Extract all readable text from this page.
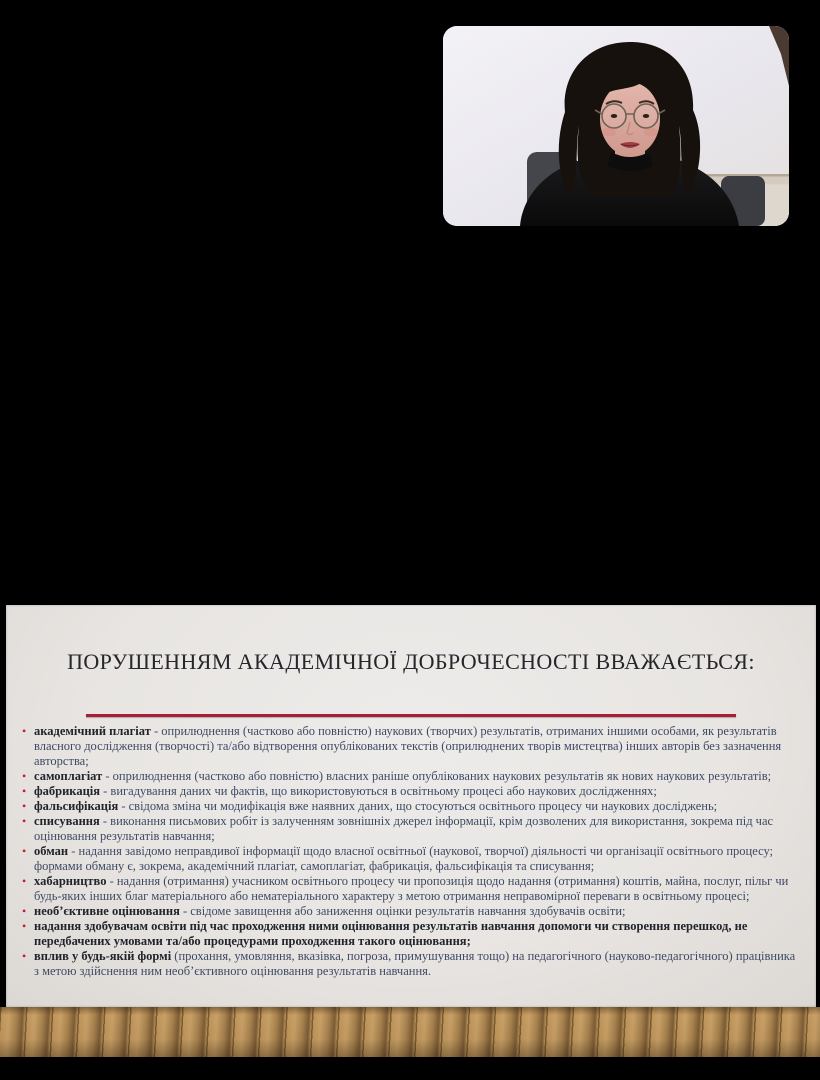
ПОРУШЕННЯМ АКАДЕМІЧНОЇ ДОБРОЧЕСНОСТІ ВВАЖАЄТЬСЯ:
• академічний плагіат - оприлюднення (частково або повністю) наукових (творчих) результатів, отриманих іншими особами, як результатів власного дослідження (творчості) та/або відтворення опублікованих текстів (оприлюднених творів мистецтва) інших авторів без зазначення авторства;
• самоплагіат - оприлюднення (частково або повністю) власних раніше опублікованих наукових результатів як нових наукових результатів;
• фабрикація - вигадування даних чи фактів, що використовуються в освітньому процесі або наукових дослідженнях;
• фальсифікація - свідома зміна чи модифікація вже наявних даних, що стосуються освітнього процесу чи наукових досліджень;
• списування - виконання письмових робіт із залученням зовнішніх джерел інформації, крім дозволених для використання, зокрема під час оцінювання результатів навчання;
• обман - надання завідомо неправдивої інформації щодо власної освітньої (наукової, творчої) діяльності чи організації освітнього процесу; формами обману є, зокрема, академічний плагіат, самоплагіат, фабрикація, фальсифікація та списування;
• хабарництво - надання (отримання) учасником освітнього процесу чи пропозиція щодо надання (отримання) коштів, майна, послуг, пільг чи будь-яких інших благ матеріального або нематеріального характеру з метою отримання неправомірної переваги в освітньому процесі;
• необ’єктивне оцінювання - свідоме завищення або заниження оцінки результатів навчання здобувачів освіти;
• надання здобувачам освіти під час проходження ними оцінювання результатів навчання допомоги чи створення перешкод, не передбачених умовами та/або процедурами проходження такого оцінювання;
• вплив у будь-якій формі (прохання, умовляння, вказівка, погроза, примушування тощо) на педагогічного (науково-педагогічного) працівника з метою здійснення ним необ’єктивного оцінювання результатів навчання.
